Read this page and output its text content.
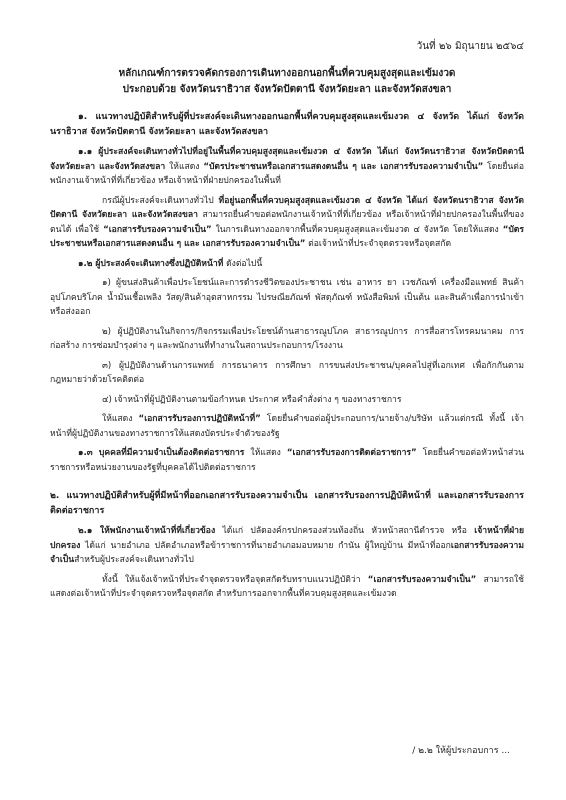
วันที่ ๒๖ มิถุนายน ๒๕๖๔
หลักเกณฑ์การตรวจคัดกรองการเดินทางออกนอกพื้นที่ควบคุมสูงสุดและเข้มงวด
ประกอบด้วย จังหวัดนราธิวาส จังหวัดปัตตานี จังหวัดยะลา และจังหวัดสงขลา

๑. แนวทางปฏิบัติสำหรับผู้ที่ประสงค์จะเดินทางออกนอกพื้นที่ควบคุมสูงสุดและเข้มงวด ๔ จังหวัด ได้แก่ จังหวัดนราธิวาส จังหวัดปัตตานี จังหวัดยะลา และจังหวัดสงขลา

๑.๑ ผู้ประสงค์จะเดินทางทั่วไปที่อยู่ในพื้นที่ควบคุมสูงสุดและเข้มงวด ๔ จังหวัด ได้แก่ จังหวัดนราธิวาส จังหวัดปัตตานี จังหวัดยะลา และจังหวัดสงขลา ให้แสดง “บัตรประชาชนหรือเอกสารแสดงตนอื่น ๆ และ เอกสารรับรองความจำเป็น” โดยยื่นต่อพนักงานเจ้าหน้าที่ที่เกี่ยวข้อง หรือเจ้าหน้าที่ฝ่ายปกครองในพื้นที่

กรณีผู้ประสงค์จะเดินทางทั่วไป ที่อยู่นอกพื้นที่ควบคุมสูงสุดและเข้มงวด ๔ จังหวัด ได้แก่ จังหวัดนราธิวาส จังหวัดปัตตานี จังหวัดยะลา และจังหวัดสงขลา สามารถยื่นคำขอต่อพนักงานเจ้าหน้าที่ที่เกี่ยวข้อง หรือเจ้าหน้าที่ฝ่ายปกครองในพื้นที่ของตนได้ เพื่อใช้ “เอกสารรับรองความจำเป็น” ในการเดินทางออกจากพื้นที่ควบคุมสูงสุดและเข้มงวด ๔ จังหวัด โดยให้แสดง “บัตรประชาชนหรือเอกสารแสดงตนอื่น ๆ และ เอกสารรับรองความจำเป็น” ต่อเจ้าหน้าที่ประจำจุดตรวจหรือจุดสกัด

๑.๒ ผู้ประสงค์จะเดินทางซึ่งปฏิบัติหน้าที่ ดังต่อไปนี้

๑) ผู้ขนส่งสินค้าเพื่อประโยชน์และการดำรงชีวิตของประชาชน เช่น อาหาร ยา เวชภัณฑ์ เครื่องมือแพทย์ สินค้าอุปโภคบริโภค น้ำมันเชื้อเพลิง วัสดุ/สินค้าอุตสาหกรรม ไปรษณียภัณฑ์ พัสดุภัณฑ์ หนังสือพิมพ์ เป็นต้น และสินค้าเพื่อการนำเข้าหรือส่งออก

๒) ผู้ปฏิบัติงานในกิจการ/กิจกรรมเพื่อประโยชน์ด้านสาธารณูปโภค สาธารณูปการ การสื่อสารโทรคมนาคม การก่อสร้าง การซ่อมบำรุงต่าง ๆ และพนักงานที่ทำงานในสถานประกอบการ/โรงงาน

๓) ผู้ปฏิบัติงานด้านการแพทย์ การธนาคาร การศึกษา การขนส่งประชาชน/บุคคลไปสู่ที่เอกเทศ เพื่อกักกันตามกฎหมายว่าด้วยโรคติดต่อ

๔) เจ้าหน้าที่ผู้ปฏิบัติงานตามข้อกำหนด ประกาศ หรือคำสั่งต่าง ๆ ของทางราชการ

ให้แสดง “เอกสารรับรองการปฏิบัติหน้าที่” โดยยื่นคำขอต่อผู้ประกอบการ/นายจ้าง/บริษัท แล้วแต่กรณี ทั้งนี้ เจ้าหน้าที่ผู้ปฏิบัติงานของทางราชการให้แสดงบัตรประจำตัวของรัฐ

๑.๓ บุคคลที่มีความจำเป็นต้องติดต่อราชการ ให้แสดง “เอกสารรับรองการติดต่อราชการ” โดยยื่นคำขอต่อหัวหน้าส่วนราชการหรือหน่วยงานของรัฐที่บุคคลได้ไปติดต่อราชการ

๒. แนวทางปฏิบัติสำหรับผู้ที่มีหน้าที่ออกเอกสารรับรองความจำเป็น เอกสารรับรองการปฏิบัติหน้าที่ และเอกสารรับรองการติดต่อราชการ

๒.๑ ให้พนักงานเจ้าหน้าที่ที่เกี่ยวข้อง ได้แก่ ปลัดองค์กรปกครองส่วนท้องถิ่น หัวหน้าสถานีตำรวจ หรือ เจ้าหน้าที่ฝ่ายปกครอง ได้แก่ นายอำเภอ ปลัดอำเภอหรือข้าราชการที่นายอำเภอมอบหมาย กำนัน ผู้ใหญ่บ้าน มีหน้าที่ออกเอกสารรับรองความจำเป็นสำหรับผู้ประสงค์จะเดินทางทั่วไป

ทั้งนี้ ให้แจ้งเจ้าหน้าที่ประจำจุดตรวจหรือจุดสกัดรับทราบแนวปฏิบัติว่า “เอกสารรับรองความจำเป็น” สามารถใช้แสดงต่อเจ้าหน้าที่ประจำจุดตรวจหรือจุดสกัด สำหรับการออกจากพื้นที่ควบคุมสูงสุดและเข้มงวด

/ ๒.๒ ให้ผู้ประกอบการ ...
